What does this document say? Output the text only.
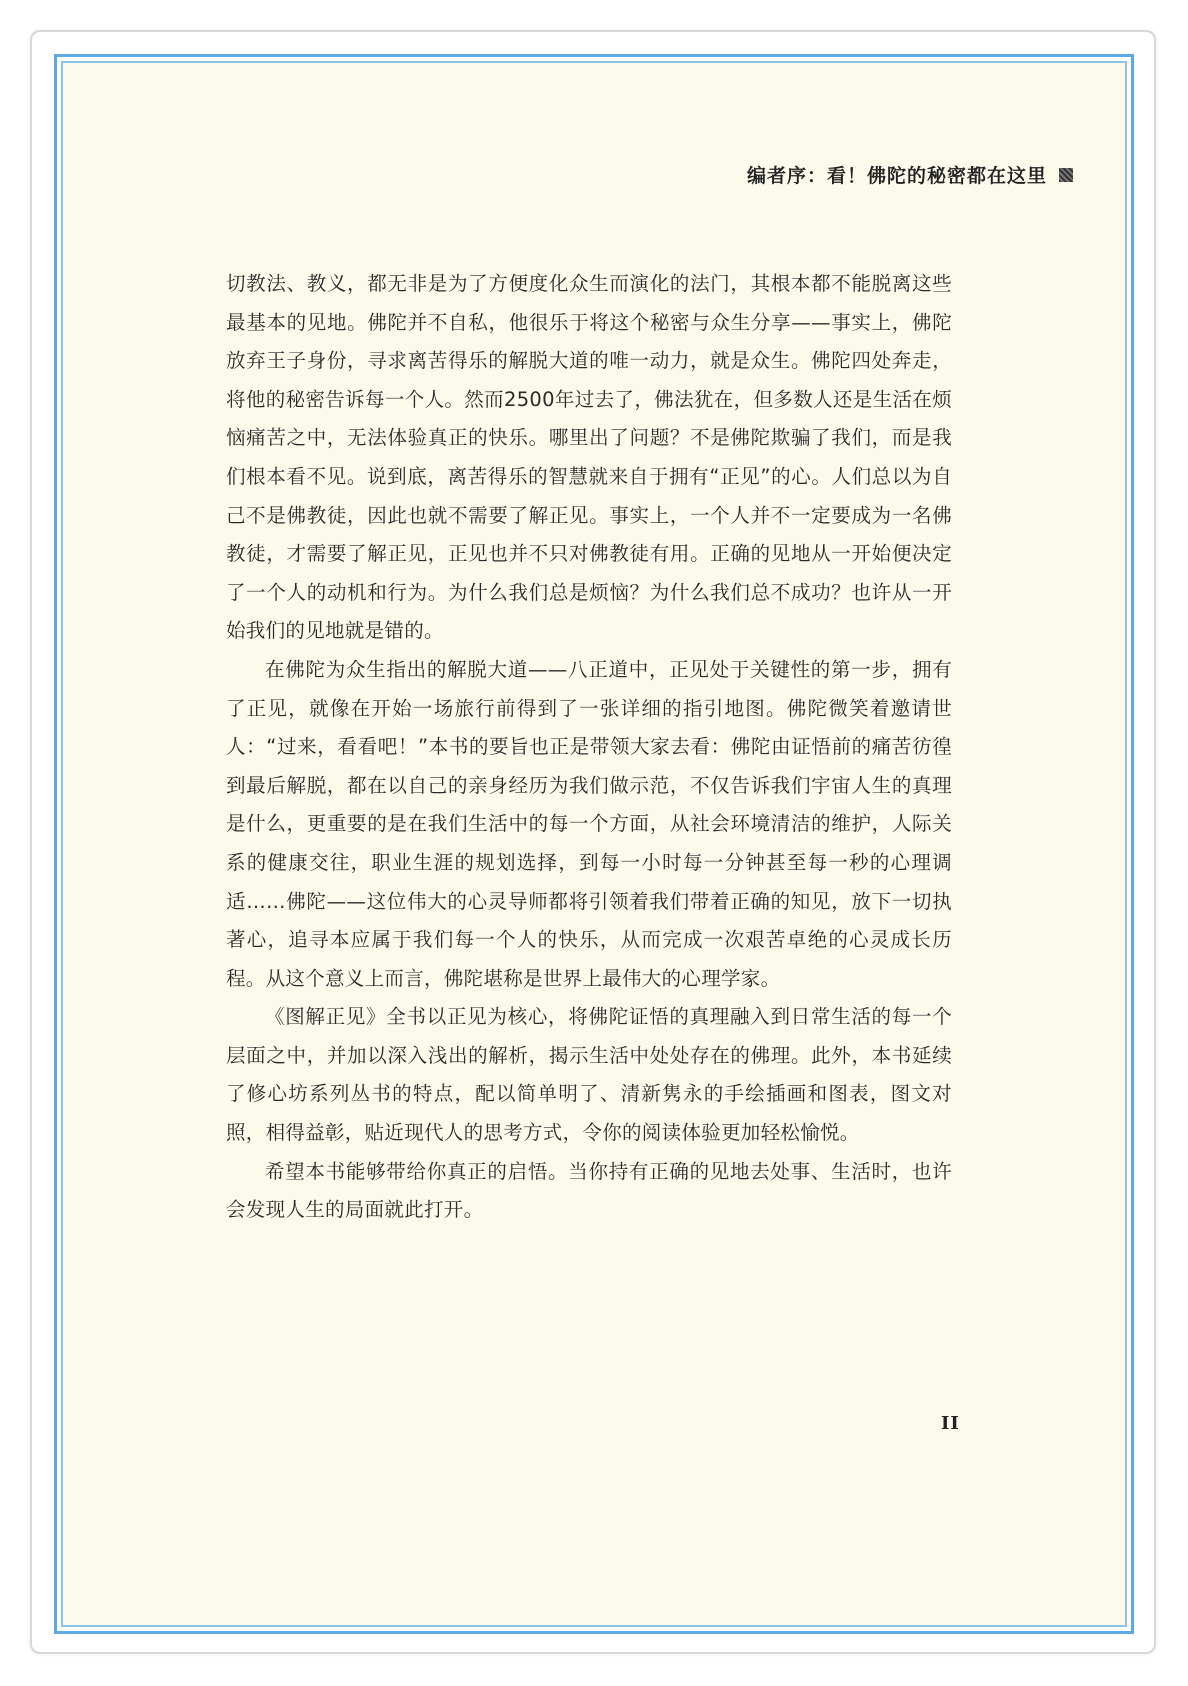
编者序：看！佛陀的秘密都在这里

切教法、教义，都无非是为了方便度化众生而演化的法门，其根本都不能脱离这些最基本的见地。佛陀并不自私，他很乐于将这个秘密与众生分享——事实上，佛陀放弃王子身份，寻求离苦得乐的解脱大道的唯一动力，就是众生。佛陀四处奔走，将他的秘密告诉每一个人。然而2500年过去了，佛法犹在，但多数人还是生活在烦恼痛苦之中，无法体验真正的快乐。哪里出了问题？不是佛陀欺骗了我们，而是我们根本看不见。说到底，离苦得乐的智慧就来自于拥有“正见”的心。人们总以为自己不是佛教徒，因此也就不需要了解正见。事实上，一个人并不一定要成为一名佛教徒，才需要了解正见，正见也并不只对佛教徒有用。正确的见地从一开始便决定了一个人的动机和行为。为什么我们总是烦恼？为什么我们总不成功？也许从一开始我们的见地就是错的。

在佛陀为众生指出的解脱大道——八正道中，正见处于关键性的第一步，拥有了正见，就像在开始一场旅行前得到了一张详细的指引地图。佛陀微笑着邀请世人：“过来，看看吧！”本书的要旨也正是带领大家去看：佛陀由证悟前的痛苦彷徨到最后解脱，都在以自己的亲身经历为我们做示范，不仅告诉我们宇宙人生的真理是什么，更重要的是在我们生活中的每一个方面，从社会环境清洁的维护，人际关系的健康交往，职业生涯的规划选择，到每一小时每一分钟甚至每一秒的心理调适……佛陀——这位伟大的心灵导师都将引领着我们带着正确的知见，放下一切执著心，追寻本应属于我们每一个人的快乐，从而完成一次艰苦卓绝的心灵成长历程。从这个意义上而言，佛陀堪称是世界上最伟大的心理学家。

《图解正见》全书以正见为核心，将佛陀证悟的真理融入到日常生活的每一个层面之中，并加以深入浅出的解析，揭示生活中处处存在的佛理。此外，本书延续了修心坊系列丛书的特点，配以简单明了、清新隽永的手绘插画和图表，图文对照，相得益彰，贴近现代人的思考方式，令你的阅读体验更加轻松愉悦。

希望本书能够带给你真正的启悟。当你持有正确的见地去处事、生活时，也许会发现人生的局面就此打开。

II
